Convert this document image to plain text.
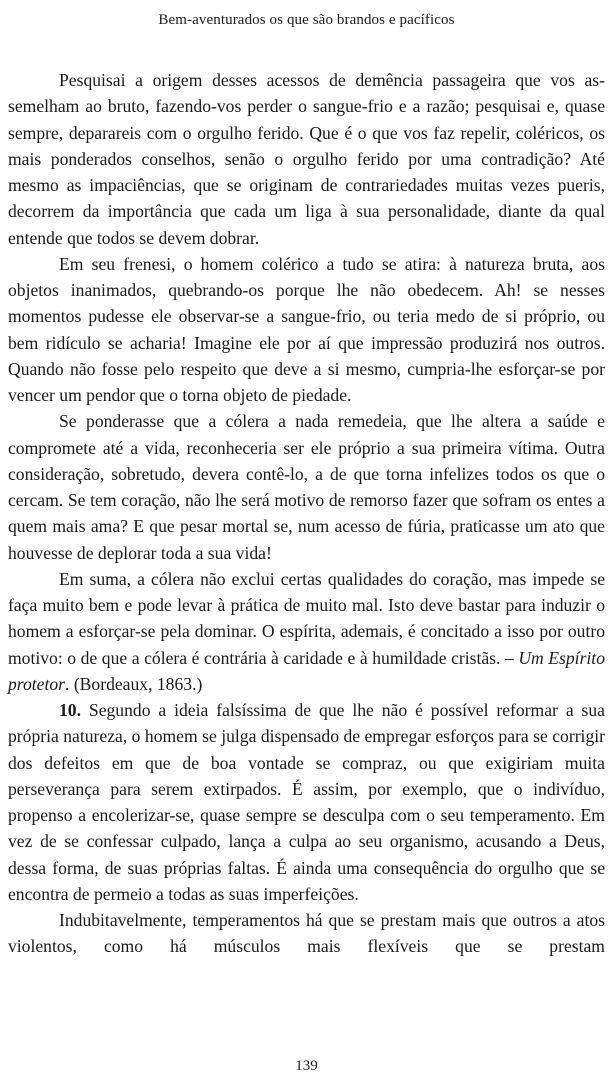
Bem-aventurados os que são brandos e pacíficos

Pesquisai a origem desses acessos de demência passageira que vos assemelham ao bruto, fazendo-vos perder o sangue-frio e a razão; pesquisai e, quase sempre, deparareis com o orgulho ferido. Que é o que vos faz repelir, coléricos, os mais ponderados conselhos, senão o orgulho ferido por uma contradição? Até mesmo as impaciências, que se originam de contrariedades muitas vezes pueris, decorrem da importância que cada um liga à sua personalidade, diante da qual entende que todos se devem dobrar.

Em seu frenesi, o homem colérico a tudo se atira: à natureza bruta, aos objetos inanimados, quebrando-os porque lhe não obedecem. Ah! se nesses momentos pudesse ele observar-se a sangue-frio, ou teria medo de si próprio, ou bem ridículo se acharia! Imagine ele por aí que impressão produzirá nos outros. Quando não fosse pelo respeito que deve a si mesmo, cumpria-lhe esforçar-se por vencer um pendor que o torna objeto de piedade.

Se ponderasse que a cólera a nada remedeia, que lhe altera a saúde e compromete até a vida, reconheceria ser ele próprio a sua primeira vítima. Outra consideração, sobretudo, devera contê-lo, a de que torna infelizes todos os que o cercam. Se tem coração, não lhe será motivo de remorso fazer que sofram os entes a quem mais ama? E que pesar mortal se, num acesso de fúria, praticasse um ato que houvesse de deplorar toda a sua vida!

Em suma, a cólera não exclui certas qualidades do coração, mas impede se faça muito bem e pode levar à prática de muito mal. Isto deve bastar para induzir o homem a esforçar-se pela dominar. O espírita, ademais, é concitado a isso por outro motivo: o de que a cólera é contrária à caridade e à humildade cristãs. – Um Espírito protetor. (Bordeaux, 1863.)

10. Segundo a ideia falsíssima de que lhe não é possível reformar a sua própria natureza, o homem se julga dispensado de empregar esforços para se corrigir dos defeitos em que de boa vontade se compraz, ou que exigiriam muita perseverança para serem extirpados. É assim, por exemplo, que o indivíduo, propenso a encolerizar-se, quase sempre se desculpa com o seu temperamento. Em vez de se confessar culpado, lança a culpa ao seu organismo, acusando a Deus, dessa forma, de suas próprias faltas. É ainda uma consequência do orgulho que se encontra de permeio a todas as suas imperfeições.

Indubitavelmente, temperamentos há que se prestam mais que outros a atos violentos, como há músculos mais flexíveis que se prestam

139
